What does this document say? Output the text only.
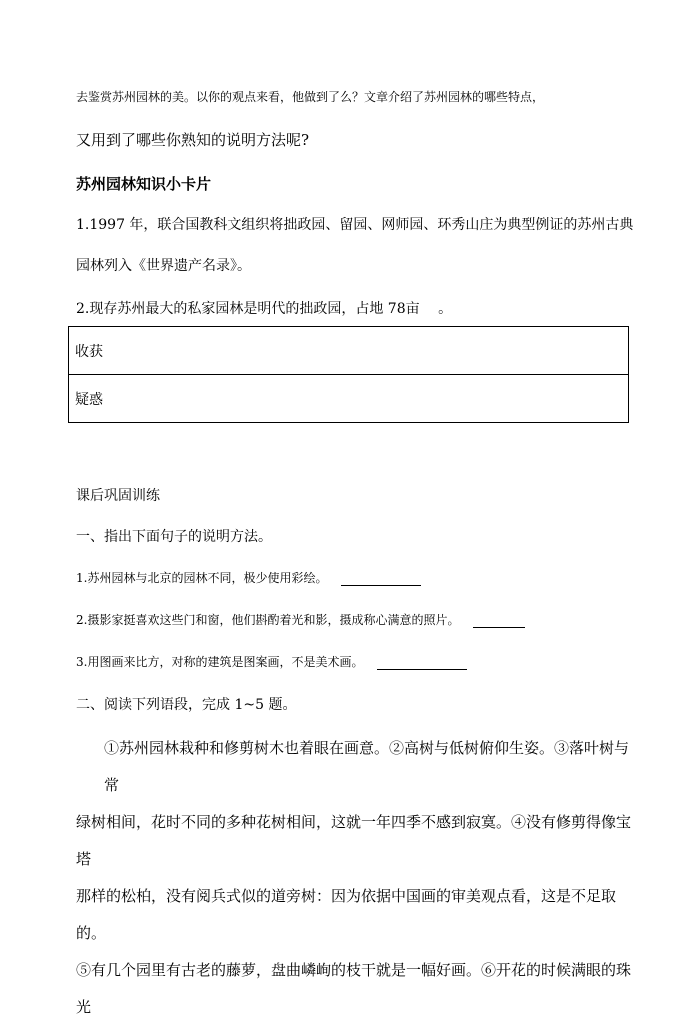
去鉴赏苏州园林的美。以你的观点来看，他做到了么？文章介绍了苏州园林的哪些特点，
又用到了哪些你熟知的说明方法呢?
苏州园林知识小卡片
1.1997 年，联合国教科文组织将拙政园、留园、网师园、环秀山庄为典型例证的苏州古典
园林列入《世界遗产名录》。
2.现存苏州最大的私家园林是明代的拙政园，占地 78亩　 。
收获
疑惑
课后巩固训练
一、指出下面句子的说明方法。
1.苏州园林与北京的园林不同，极少使用彩绘。
2.摄影家挺喜欢这些门和窗，他们斟酌着光和影，摄成称心满意的照片。
3.用图画来比方，对称的建筑是图案画，不是美术画。
二、阅读下列语段，完成 1~5 题。
①苏州园林栽种和修剪树木也着眼在画意。②高树与低树俯仰生姿。③落叶树与常
绿树相间，花时不同的多种花树相间，这就一年四季不感到寂寞。④没有修剪得像宝塔
那样的松柏，没有阅兵式似的道旁树：因为依据中国画的审美观点看，这是不足取的。
⑤有几个园里有古老的藤萝，盘曲嶙峋的枝干就是一幅好画。⑥开花的时候满眼的珠光
